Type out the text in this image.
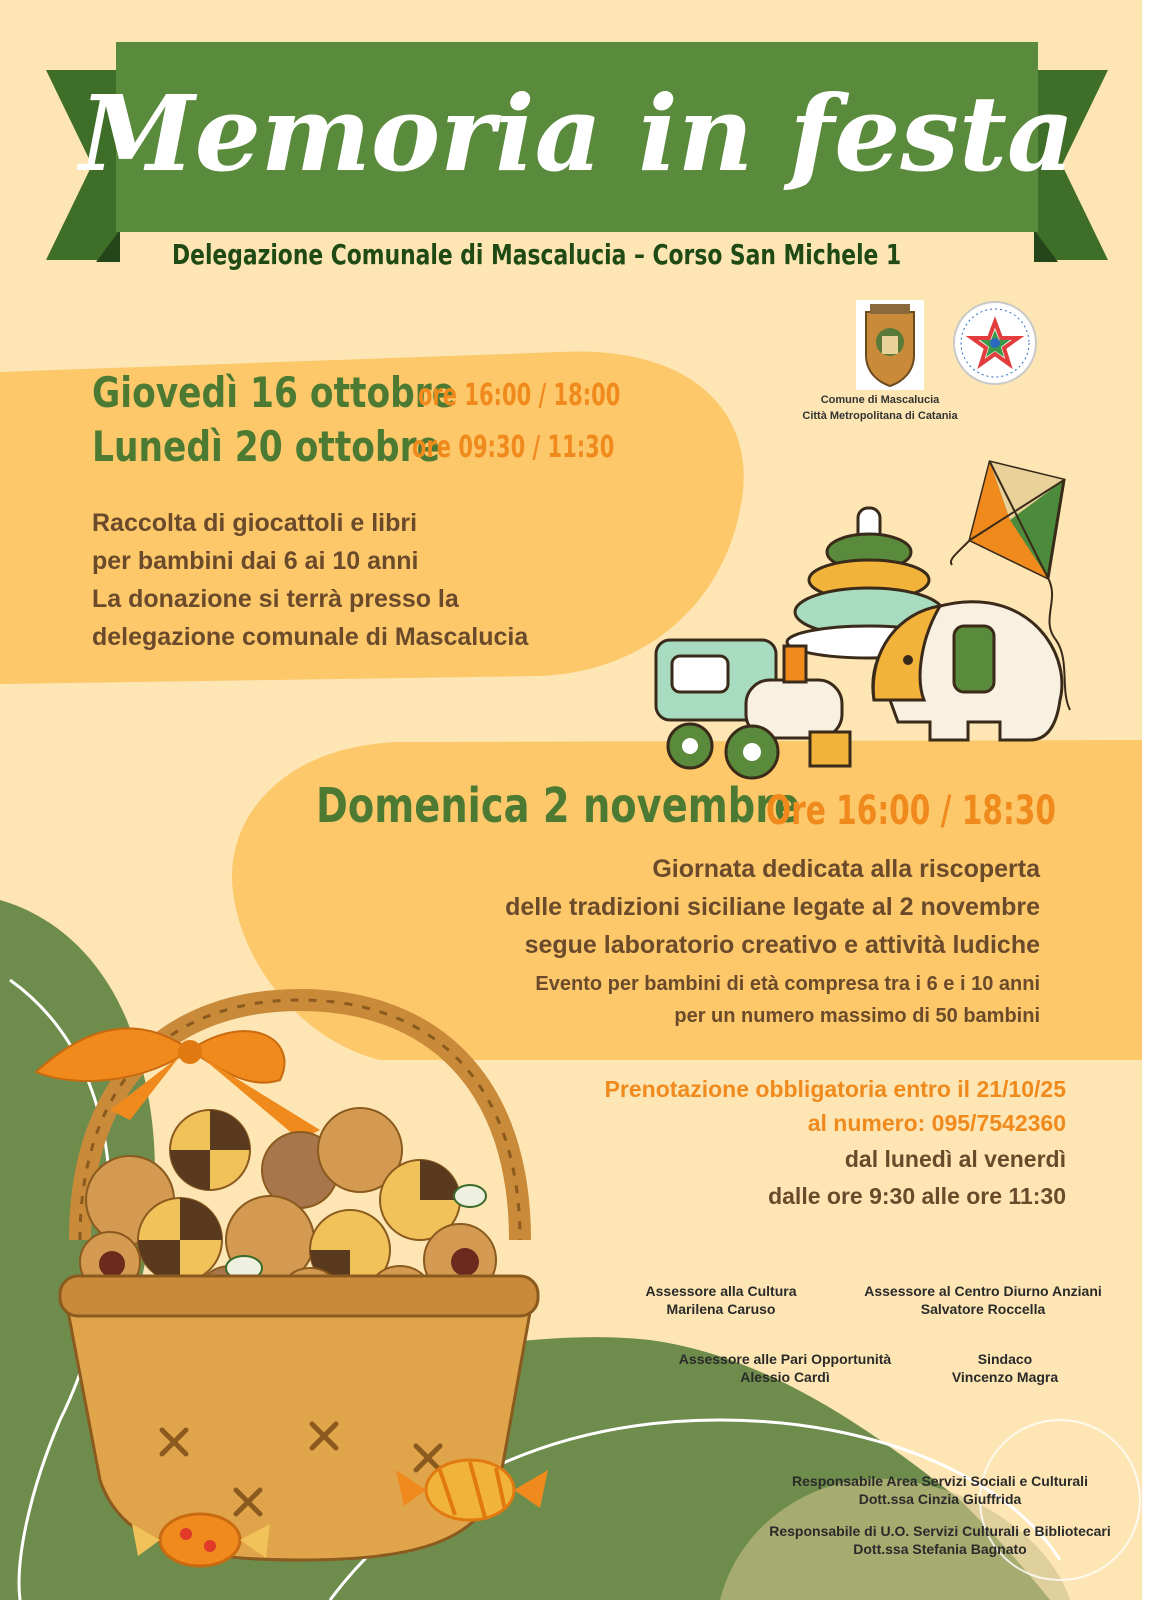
Memoria in festa

Delegazione Comunale di Mascalucia – Corso San Michele 1

Comune di Mascalucia
Città Metropolitana di Catania

Giovedì 16 ottobre

ore 16:00 / 18:00

Lunedì 20 ottobre

ore 09:30 / 11:30

Raccolta di giocattoli e libri

per bambini dai 6 ai 10 anni

La donazione si terrà presso la

delegazione comunale di Mascalucia

Domenica 2 novembre

Ore 16:00 / 18:30

Giornata dedicata alla riscoperta

delle tradizioni siciliane legate al 2 novembre

segue laboratorio creativo e attività ludiche

Evento per bambini di età compresa tra i 6 e i 10 anni

per un numero massimo di 50 bambini

Prenotazione obbligatoria entro il 21/10/25

al numero: 095/7542360

dal lunedì al venerdì

dalle ore 9:30 alle ore 11:30

Assessore alla Cultura
Marilena Caruso
Assessore al Centro Diurno Anziani
Salvatore Roccella
Assessore alle Pari Opportunità
Alessio Cardì
Sindaco
Vincenzo Magra
Responsabile Area Servizi Sociali e Culturali
Dott.ssa Cinzia Giuffrida
Responsabile di U.O. Servizi Culturali e Bibliotecari
Dott.ssa Stefania Bagnato
